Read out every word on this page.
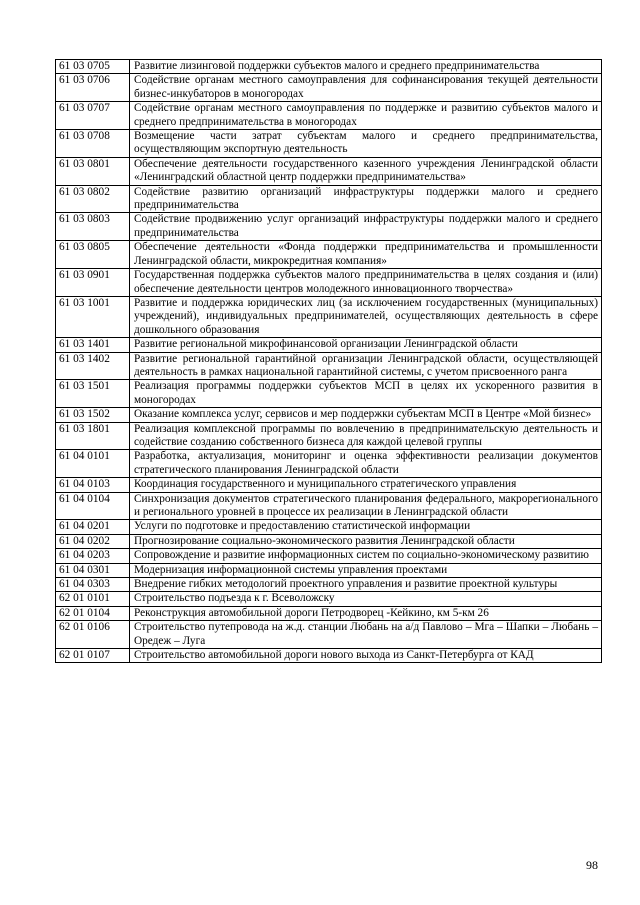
61 03 0705	Развитие лизинговой поддержки субъектов малого и среднего предпринимательства
61 03 0706	Содействие органам местного самоуправления для софинансирования текущей деятельности бизнес-инкубаторов в моногородах
61 03 0707	Содействие органам местного самоуправления по поддержке и развитию субъектов малого и среднего предпринимательства в моногородах
61 03 0708	Возмещение части затрат субъектам малого и среднего предпринимательства, осуществляющим экспортную деятельность
61 03 0801	Обеспечение деятельности государственного казенного учреждения Ленинградской области «Ленинградский областной центр поддержки предпринимательства»
61 03 0802	Содействие развитию организаций инфраструктуры поддержки малого и среднего предпринимательства
61 03 0803	Содействие продвижению услуг организаций инфраструктуры поддержки малого и среднего предпринимательства
61 03 0805	Обеспечение деятельности «Фонда поддержки предпринимательства и промышленности Ленинградской области, микрокредитная компания»
61 03 0901	Государственная поддержка субъектов малого предпринимательства в целях создания и (или) обеспечение деятельности центров молодежного инновационного творчества»
61 03 1001	Развитие и поддержка юридических лиц (за исключением государственных (муниципальных) учреждений), индивидуальных предпринимателей, осуществляющих деятельность в сфере дошкольного образования
61 03 1401	Развитие региональной микрофинансовой организации Ленинградской области
61 03 1402	Развитие региональной гарантийной организации Ленинградской области, осуществляющей деятельность в рамках национальной гарантийной системы, с учетом присвоенного ранга
61 03 1501	Реализация программы поддержки субъектов МСП в целях их ускоренного развития в моногородах
61 03 1502	Оказание комплекса услуг, сервисов и мер поддержки субъектам МСП в Центре «Мой бизнес»
61 03 1801	Реализация комплексной программы по вовлечению в предпринимательскую деятельность и содействие созданию собственного бизнеса для каждой целевой группы
61 04 0101	Разработка, актуализация, мониторинг и оценка эффективности реализации документов стратегического планирования Ленинградской области
61 04 0103	Координация государственного и муниципального стратегического управления
61 04 0104	Синхронизация документов стратегического планирования федерального, макрорегионального и регионального уровней в процессе их реализации в Ленинградской области
61 04 0201	Услуги по подготовке и предоставлению статистической информации
61 04 0202	Прогнозирование социально-экономического развития Ленинградской области
61 04 0203	Сопровождение и развитие информационных систем по социально-экономическому развитию
61 04 0301	Модернизация информационной системы управления проектами
61 04 0303	Внедрение гибких методологий проектного управления и развитие проектной культуры
62 01 0101	Строительство подъезда к г. Всеволожску
62 01 0104	Реконструкция автомобильной дороги Петродворец -Кейкино, км 5-км 26
62 01 0106	Строительство путепровода на ж.д. станции Любань на а/д Павлово – Мга – Шапки – Любань – Оредеж – Луга
62 01 0107	Строительство автомобильной дороги нового выхода из Санкт-Петербурга от КАД
98
